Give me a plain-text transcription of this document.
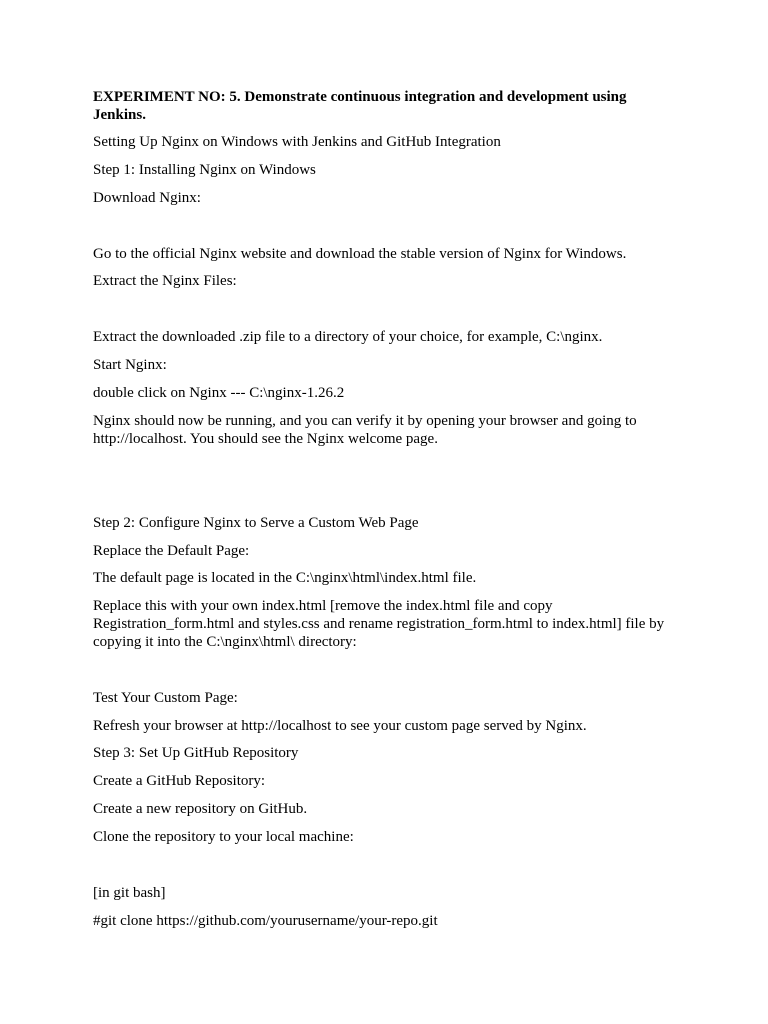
EXPERIMENT NO: 5. Demonstrate continuous integration and development using Jenkins.

Setting Up Nginx on Windows with Jenkins and GitHub Integration

Step 1: Installing Nginx on Windows

Download Nginx:

Go to the official Nginx website and download the stable version of Nginx for Windows.

Extract the Nginx Files:

Extract the downloaded .zip file to a directory of your choice, for example, C:\nginx.

Start Nginx:

double click on Nginx --- C:\nginx-1.26.2

Nginx should now be running, and you can verify it by opening your browser and going to http://localhost. You should see the Nginx welcome page.

Step 2: Configure Nginx to Serve a Custom Web Page

Replace the Default Page:

The default page is located in the C:\nginx\html\index.html file.

Replace this with your own index.html [remove the index.html file and copy Registration_form.html and styles.css and rename registration_form.html to index.html] file by copying it into the C:\nginx\html\ directory:

Test Your Custom Page:

Refresh your browser at http://localhost to see your custom page served by Nginx.

Step 3: Set Up GitHub Repository

Create a GitHub Repository:

Create a new repository on GitHub.

Clone the repository to your local machine:

[in git bash]

#git clone https://github.com/yourusername/your-repo.git
